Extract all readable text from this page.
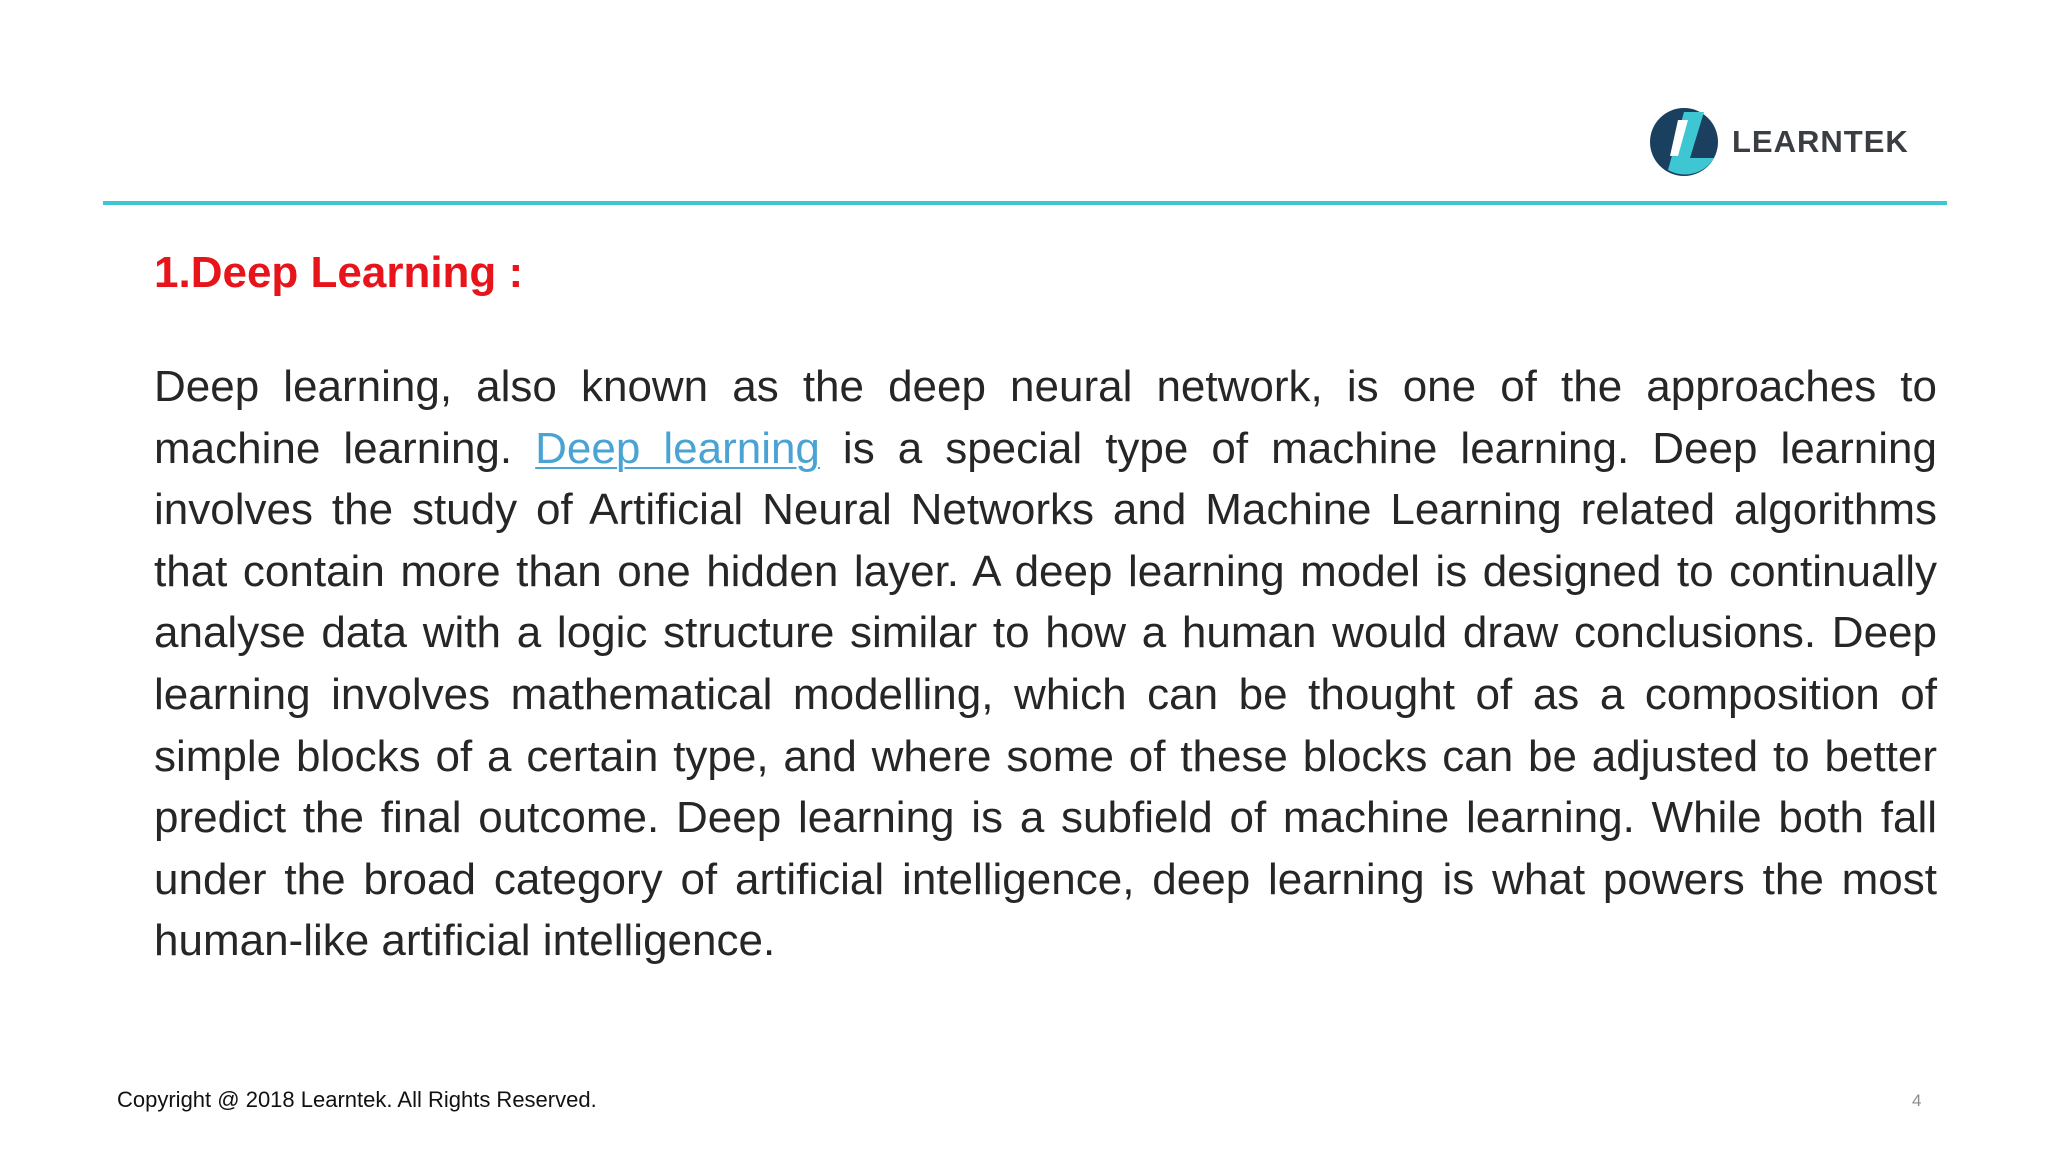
LEARNTEK
1.Deep Learning :

Deep learning, also known as the deep neural network, is one of the approaches to machine learning. Deep learning is a special type of machine learning. Deep learning involves the study of Artificial Neural Networks and Machine Learning related algorithms that contain more than one hidden layer. A deep learning model is designed to continually analyse data with a logic structure similar to how a human would draw conclusions. Deep learning involves mathematical modelling, which can be thought of as a composition of simple blocks of a certain type, and where some of these blocks can be adjusted to better predict the final outcome. Deep learning is a subfield of machine learning. While both fall under the broad category of artificial intelligence, deep learning is what powers the most human-like artificial intelligence.

Copyright @ 2018 Learntek. All Rights Reserved.	4
